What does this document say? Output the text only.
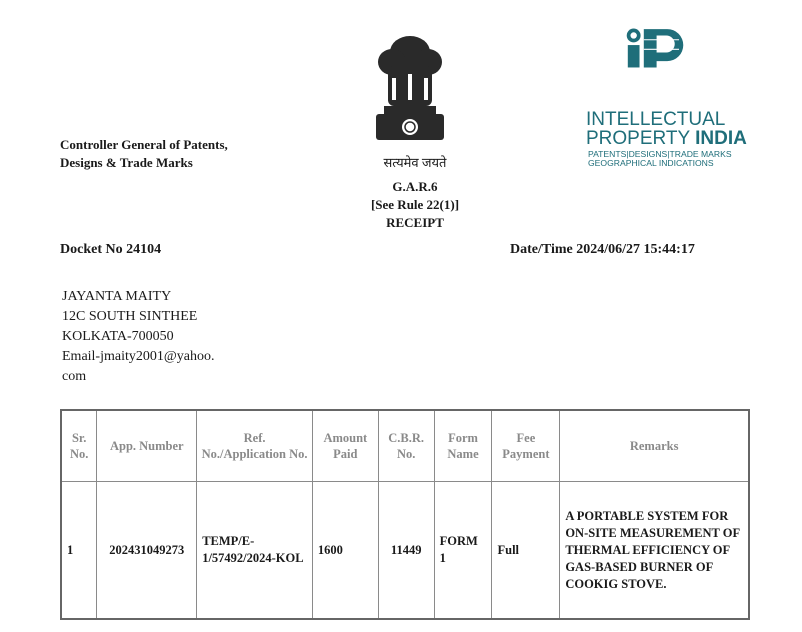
Controller General of Patents,
Designs & Trade Marks	सत्यमेव जयते
G.A.R.6
[See Rule 22(1)]
RECEIPT
INTELLECTUAL
PROPERTY INDIA
PATENTS|DESIGNS|TRADE MARKS
GEOGRAPHICAL INDICATIONS
Docket No 24104	Date/Time 2024/06/27 15:44:17
JAYANTA MAITY
12C SOUTH SINTHEE
KOLKATA-700050
Email-jmaity2001@yahoo.
com
Sr. No.	App. Number	Ref. No./Application No.	Amount Paid	C.B.R. No.	Form Name	Fee Payment	Remarks
1	202431049273	TEMP/E-1/57492/2024-KOL	1600	11449	FORM 1	Full	A PORTABLE SYSTEM FOR ON-SITE MEASUREMENT OF THERMAL EFFICIENCY OF GAS-BASED BURNER OF COOKIG STOVE.
